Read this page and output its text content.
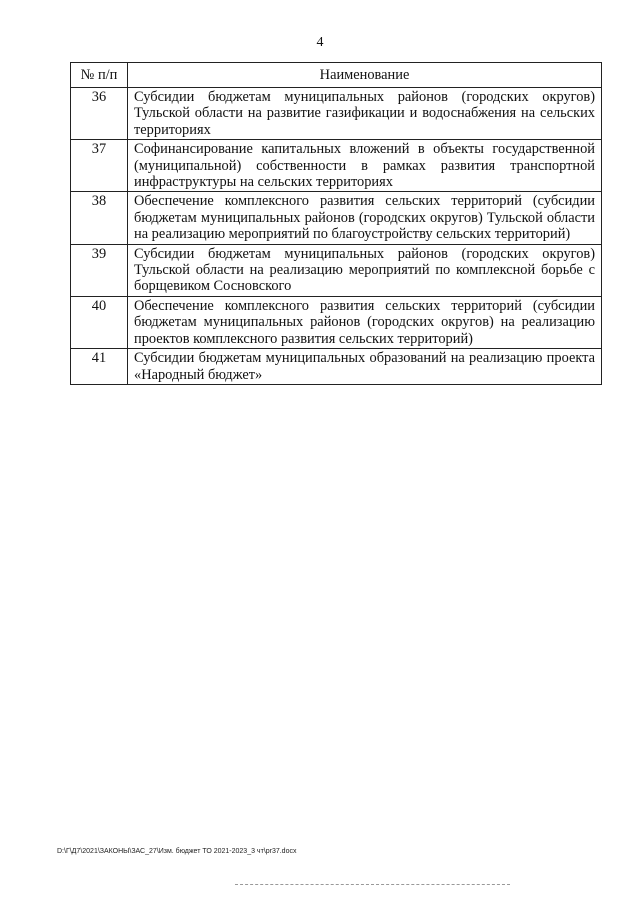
4
№ п/п	Наименование
36	Субсидии бюджетам муниципальных районов (городских округов) Тульской области на развитие газификации и водоснабжения на сельских территориях
37	Софинансирование капитальных вложений в объекты государственной (муниципальной) собственности в рамках развития транспортной инфраструктуры на сельских территориях
38	Обеспечение комплексного развития сельских территорий (субсидии бюджетам муниципальных районов (городских округов) Тульской области на реализацию мероприятий по благоустройству сельских территорий)
39	Субсидии бюджетам муниципальных районов (городских округов) Тульской области на реализацию мероприятий по комплексной борьбе с борщевиком Сосновского
40	Обеспечение комплексного развития сельских территорий (субсидии бюджетам муниципальных районов (городских округов) на реализацию проектов комплексного развития сельских территорий)
41	Субсидии бюджетам муниципальных образований на реализацию проекта «Народный бюджет»
D:\Г\Д7\2021\ЗАКОНЫ\ЗАС_27\Изм. бюджет ТО 2021-2023_3 чт\pr37.docx
